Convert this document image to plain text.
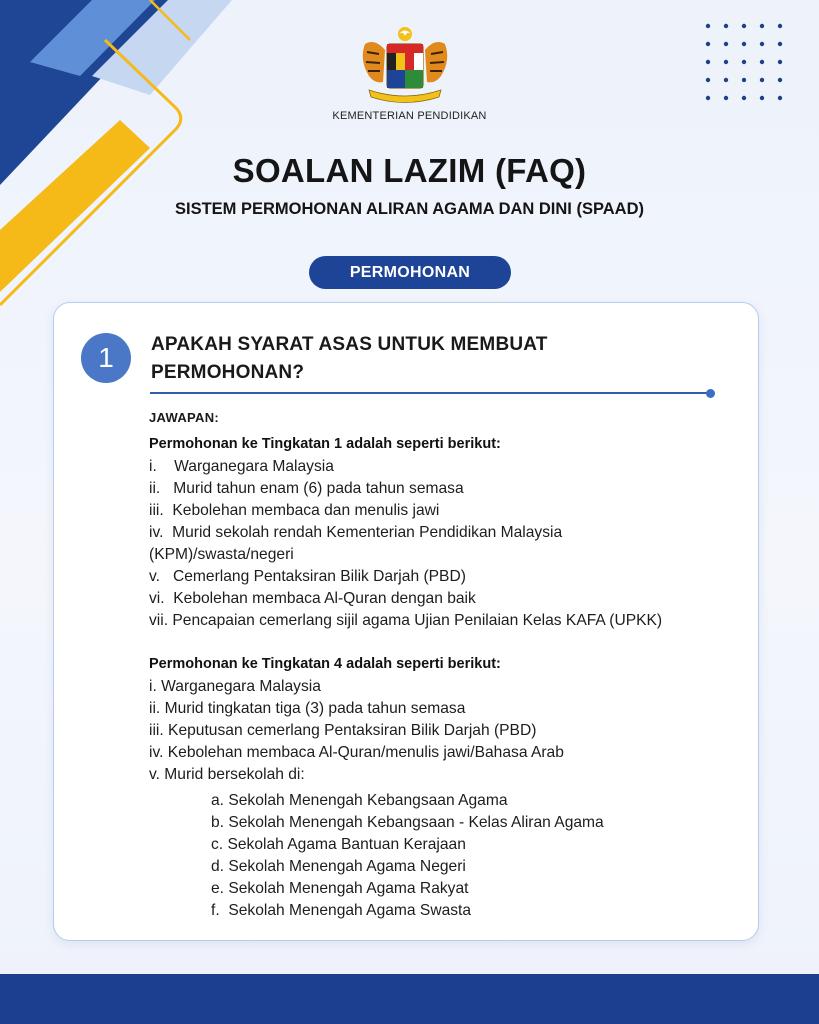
KEMENTERIAN PENDIDIKAN
SOALAN LAZIM (FAQ)
SISTEM PERMOHONAN ALIRAN AGAMA DAN DINI (SPAAD)
PERMOHONAN
1	APAKAH SYARAT ASAS UNTUK MEMBUAT
PERMOHONAN?
JAWAPAN:
Permohonan ke Tingkatan 1 adalah seperti berikut:
i.    Warganegara Malaysia
ii.   Murid tahun enam (6) pada tahun semasa
iii.  Kebolehan membaca dan menulis jawi
iv.  Murid sekolah rendah Kementerian Pendidikan Malaysia
(KPM)/swasta/negeri
v.   Cemerlang Pentaksiran Bilik Darjah (PBD)
vi.  Kebolehan membaca Al-Quran dengan baik
vii. Pencapaian cemerlang sijil agama Ujian Penilaian Kelas KAFA (UPKK)
Permohonan ke Tingkatan 4 adalah seperti berikut:
i. Warganegara Malaysia
ii. Murid tingkatan tiga (3) pada tahun semasa
iii. Keputusan cemerlang Pentaksiran Bilik Darjah (PBD)
iv. Kebolehan membaca Al-Quran/menulis jawi/Bahasa Arab
v. Murid bersekolah di:
a. Sekolah Menengah Kebangsaan Agama
b. Sekolah Menengah Kebangsaan - Kelas Aliran Agama
c. Sekolah Agama Bantuan Kerajaan
d. Sekolah Menengah Agama Negeri
e. Sekolah Menengah Agama Rakyat
f.  Sekolah Menengah Agama Swasta
